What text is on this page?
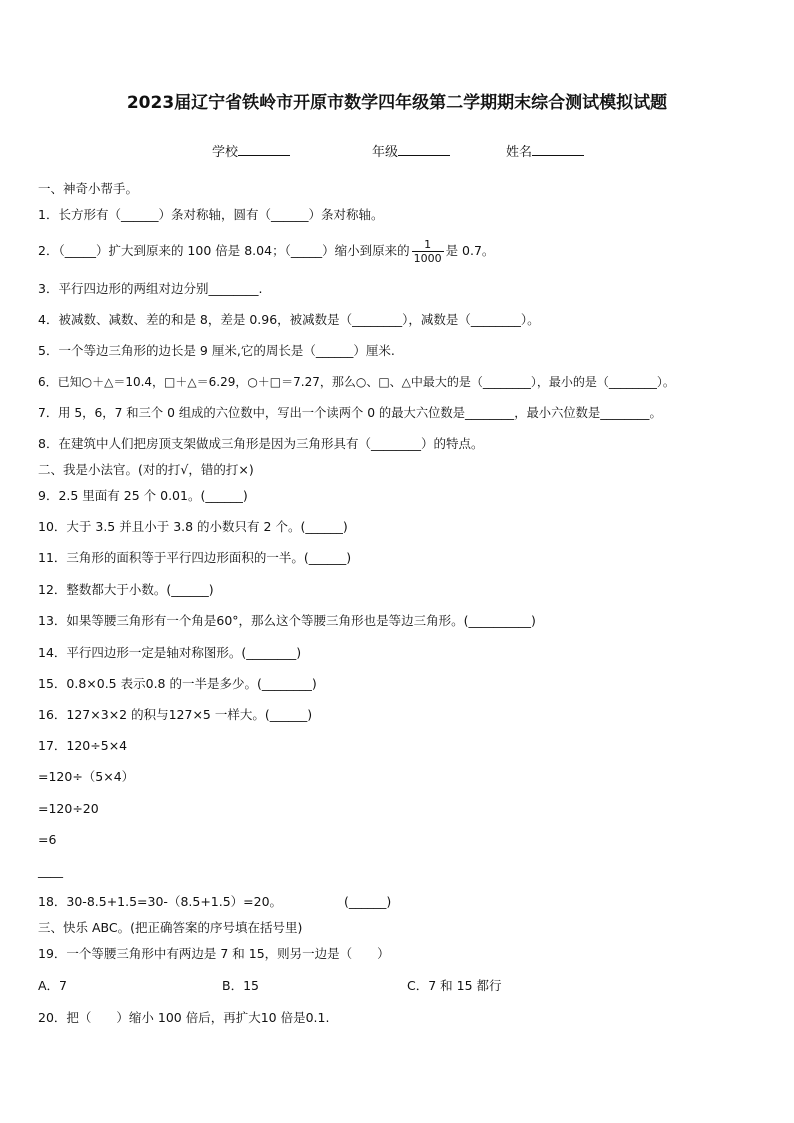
2023届辽宁省铁岭市开原市数学四年级第二学期期末综合测试模拟试题
学校	年级	姓名
一、神奇小帮手。
1．长方形有（______）条对称轴，圆有（______）条对称轴。
2．（_____）扩大到原来的 100 倍是 8.04；（_____）缩小到原来的 $\frac{1}{1000}$ 是 0.7。
3．平行四边形的两组对边分别________.
4．被减数、减数、差的和是 8，差是 0.96，被减数是（________），减数是（________）。
5．一个等边三角形的边长是 9 厘米,它的周长是（______）厘米.
6．已知○＋△＝10.4，□＋△＝6.29，○＋□＝7.27，那么○、□、△中最大的是（________），最小的是（________）。
7．用 5，6，7 和三个 0 组成的六位数中，写出一个读两个 0 的最大六位数是________，最小六位数是________。
8．在建筑中人们把房顶支架做成三角形是因为三角形具有（________）的特点。
二、我是小法官。(对的打√，错的打×)
9．2.5 里面有 25 个 0.01。(______)
10．大于 3.5 并且小于 3.8 的小数只有 2 个。(______)
11．三角形的面积等于平行四边形面积的一半。(______)
12．整数都大于小数。(______)
13．如果等腰三角形有一个角是60°，那么这个等腰三角形也是等边三角形。(__________)
14．平行四边形一定是轴对称图形。(________)
15．0.8×0.5 表示0.8 的一半是多少。(________)
16．127×3×2 的积与127×5 一样大。(______)
17．120÷5×4
=120÷（5×4）
=120÷20
=6
____
18．30-8.5+1.5=30-（8.5+1.5）=20。	(______)
三、快乐 ABC。(把正确答案的序号填在括号里)
19．一个等腰三角形中有两边是 7 和 15，则另一边是（　　）
A．7	B．15	C．7 和 15 都行
20．把（　　）缩小 100 倍后，再扩大10 倍是0.1.
